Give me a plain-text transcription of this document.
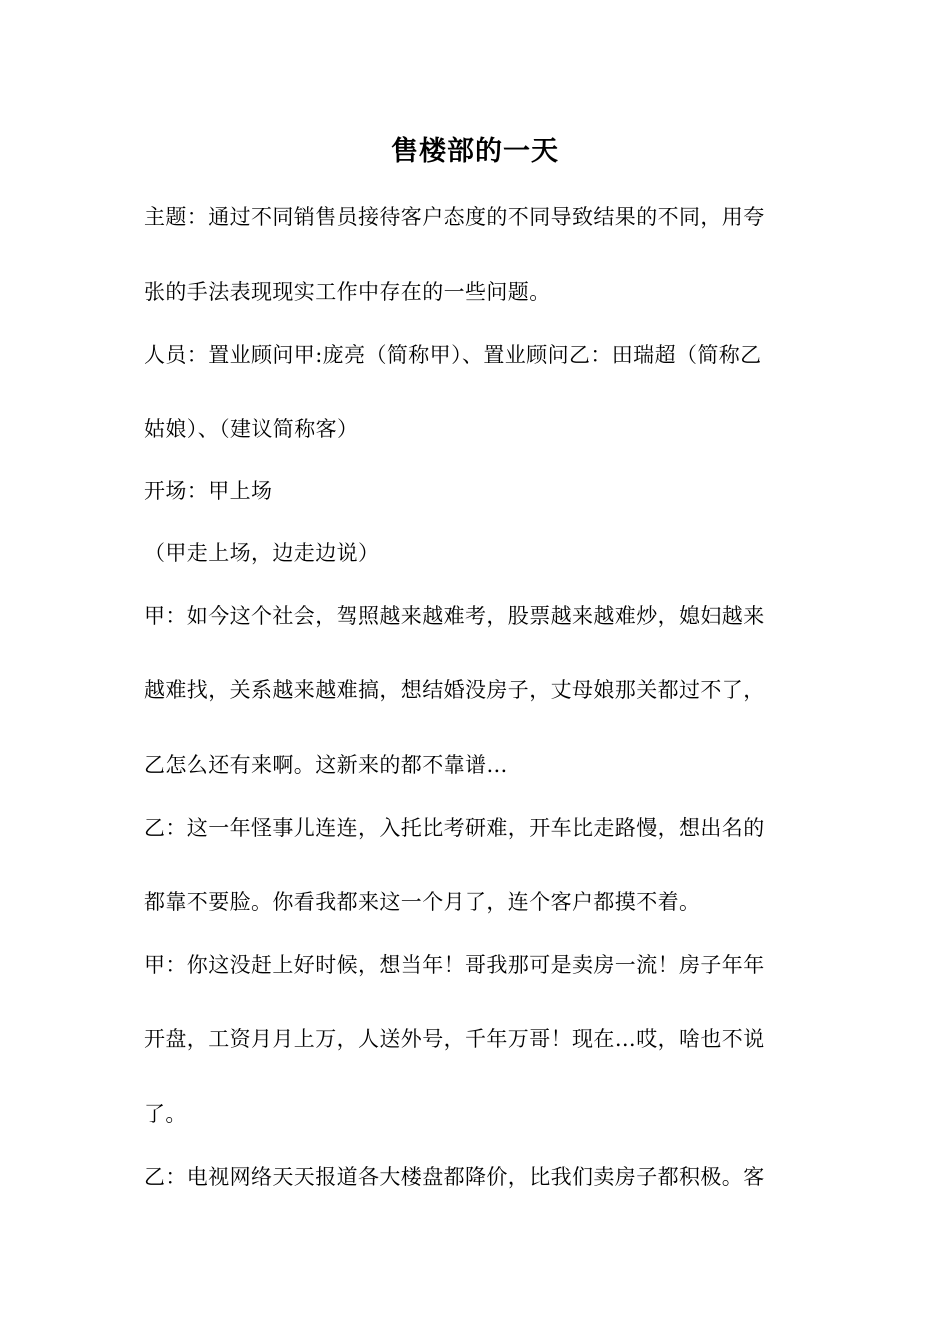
售楼部的一天
主题：通过不同销售员接待客户态度的不同导致结果的不同，用夸
张的手法表现现实工作中存在的一些问题。
人员：置业顾问甲:庞亮（简称甲）、置业顾问乙：田瑞超（简称乙
姑娘）、（建议简称客）
开场：甲上场
（甲走上场，边走边说）
甲：如今这个社会，驾照越来越难考，股票越来越难炒，媳妇越来
越难找，关系越来越难搞，想结婚没房子，丈母娘那关都过不了，
乙怎么还有来啊。这新来的都不靠谱…
乙：这一年怪事儿连连，入托比考研难，开车比走路慢，想出名的
都靠不要脸。你看我都来这一个月了，连个客户都摸不着。
甲：你这没赶上好时候，想当年！哥我那可是卖房一流！房子年年
开盘，工资月月上万，人送外号，千年万哥！现在…哎，啥也不说
了。
乙：电视网络天天报道各大楼盘都降价，比我们卖房子都积极。客
